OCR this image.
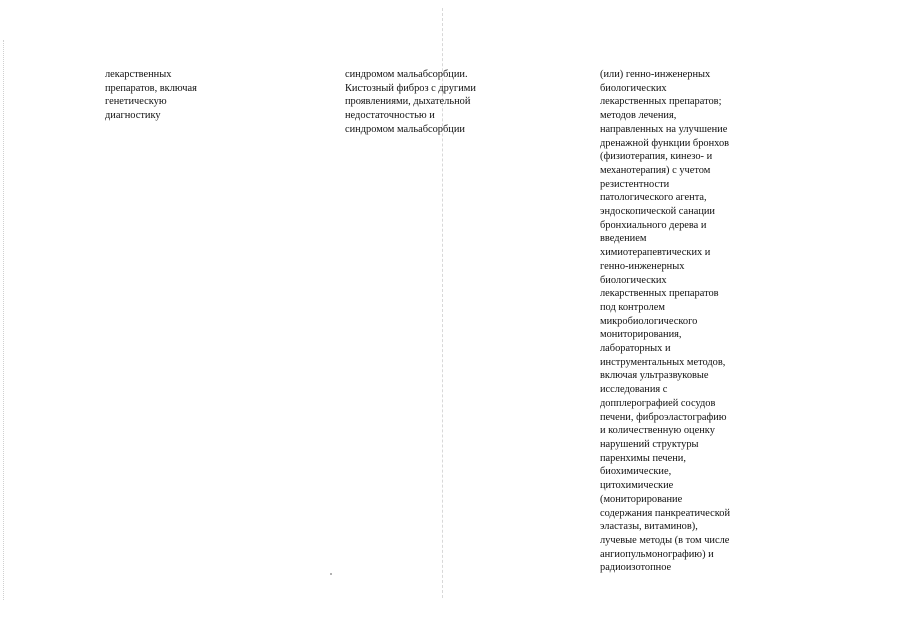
лекарственных
препаратов, включая
генетическую
диагностику
синдромом мальабсорбции.
Кистозный фиброз с другими
проявлениями, дыхательной
недостаточностью и
синдромом мальабсорбции
(или) генно-инженерных
биологических
лекарственных препаратов;
методов лечения,
направленных на улучшение
дренажной функции бронхов
(физиотерапия, кинезо- и
механотерапия) с учетом
резистентности
патологического агента,
эндоскопической санации
бронхиального дерева и
введением
химиотерапевтических и
генно-инженерных
биологических
лекарственных препаратов
под контролем
микробиологического
мониторирования,
лабораторных и
инструментальных методов,
включая ультразвуковые
исследования с
допплерографией сосудов
печени, фиброэластографию
и количественную оценку
нарушений структуры
паренхимы печени,
биохимические,
цитохимические
(мониторирование
содержания панкреатической
эластазы, витаминов),
лучевые методы (в том числе
ангиопульмонографию) и
радиоизотопное
